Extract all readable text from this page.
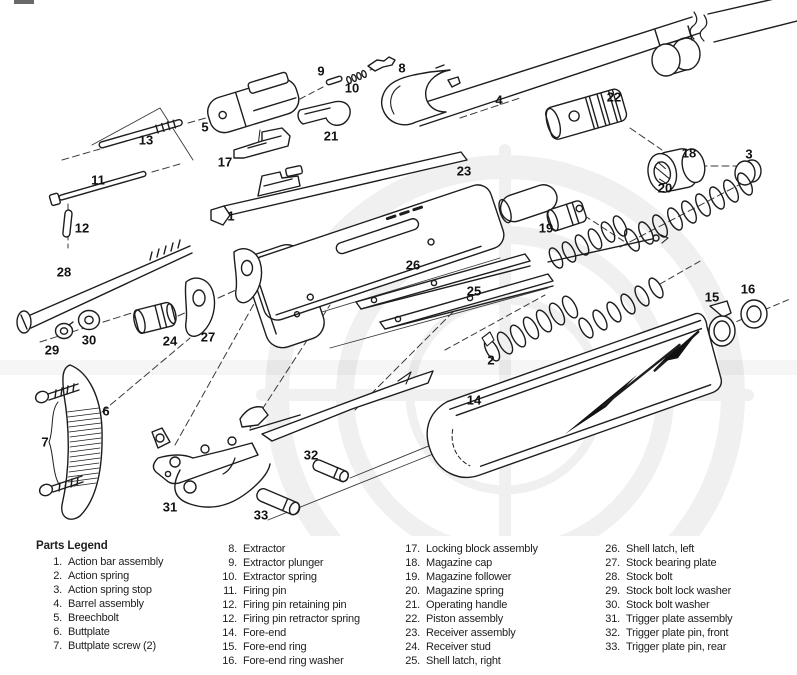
1
2
3
4
5
6
7
8
9
10
11
12
13
14
15
16
17
18
19
20
21
22
23
24
25
26
27
28
29
30
31
32
33
Parts Legend
1. Action bar assembly
2. Action spring
3. Action spring stop
4. Barrel assembly
5. Breechbolt
6. Buttplate
7. Buttplate screw (2)
8. Extractor
9. Extractor plunger
10. Extractor spring
11. Firing pin
12. Firing pin retaining pin
12. Firing pin retractor spring
14. Fore-end
15. Fore-end ring
16. Fore-end ring washer
17. Locking block assembly
18. Magazine cap
19. Magazine follower
20. Magazine spring
21. Operating handle
22. Piston assembly
23. Receiver assembly
24. Receiver stud
25. Shell latch, right
26. Shell latch, left
27. Stock bearing plate
28. Stock bolt
29. Stock bolt lock washer
30. Stock bolt washer
31. Trigger plate assembly
32. Trigger plate pin, front
33. Trigger plate pin, rear
